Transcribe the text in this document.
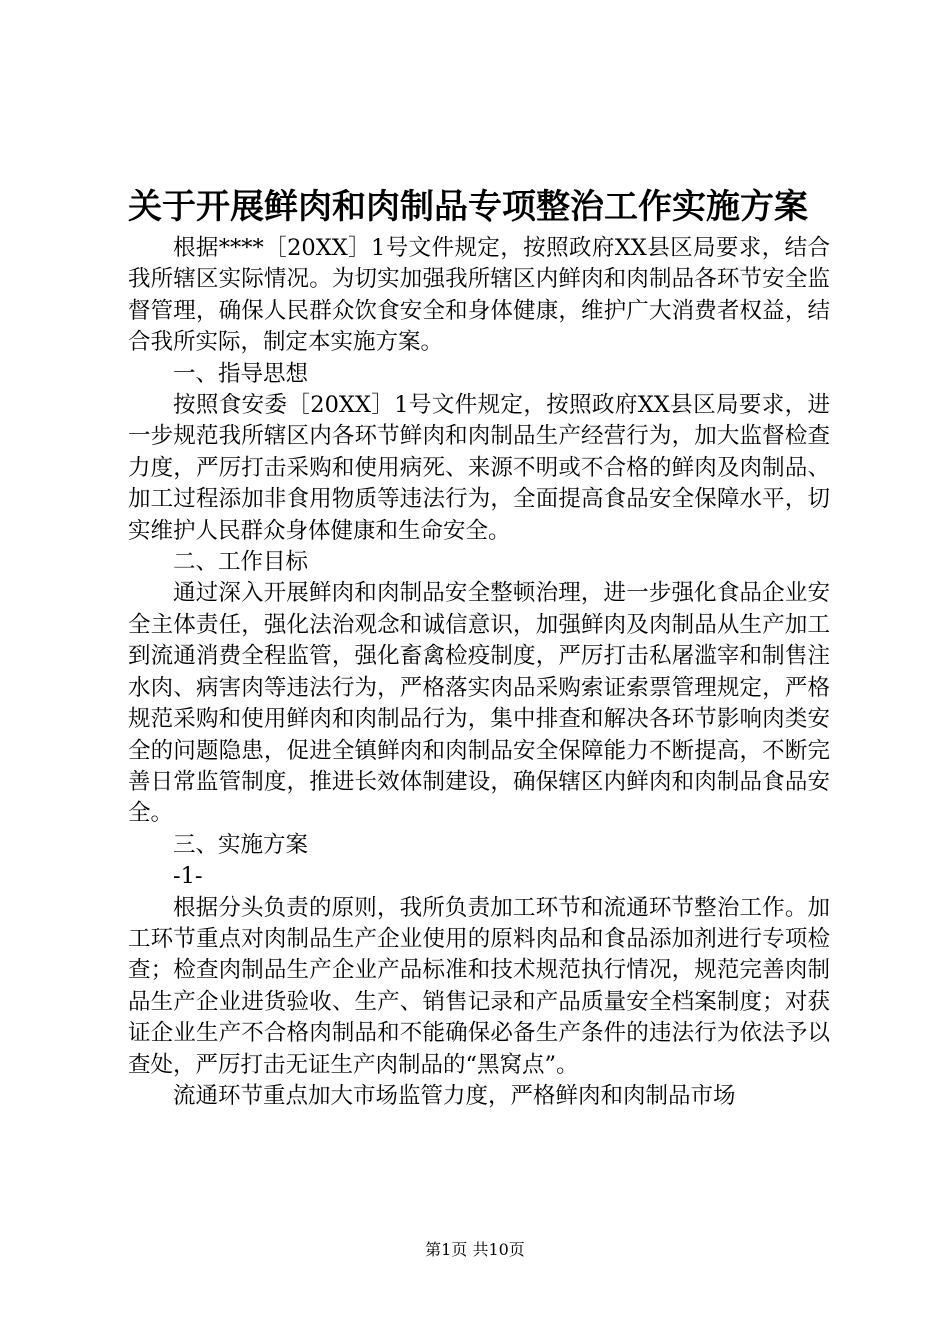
关于开展鲜肉和肉制品专项整治工作实施方案

根据****［20XX］1号文件规定，按照政府XX县区局要求，结合我所辖区实际情况。为切实加强我所辖区内鲜肉和肉制品各环节安全监督管理，确保人民群众饮食安全和身体健康，维护广大消费者权益，结合我所实际，制定本实施方案。

一、指导思想

按照食安委［20XX］1号文件规定，按照政府XX县区局要求，进一步规范我所辖区内各环节鲜肉和肉制品生产经营行为，加大监督检查力度，严厉打击采购和使用病死、来源不明或不合格的鲜肉及肉制品、加工过程添加非食用物质等违法行为，全面提高食品安全保障水平，切实维护人民群众身体健康和生命安全。

二、工作目标

通过深入开展鲜肉和肉制品安全整顿治理，进一步强化食品企业安全主体责任，强化法治观念和诚信意识，加强鲜肉及肉制品从生产加工到流通消费全程监管，强化畜禽检疫制度，严厉打击私屠滥宰和制售注水肉、病害肉等违法行为，严格落实肉品采购索证索票管理规定，严格规范采购和使用鲜肉和肉制品行为，集中排查和解决各环节影响肉类安全的问题隐患，促进全镇鲜肉和肉制品安全保障能力不断提高，不断完善日常监管制度，推进长效体制建设，确保辖区内鲜肉和肉制品食品安全。

三、实施方案

-1-

根据分头负责的原则，我所负责加工环节和流通环节整治工作。加工环节重点对肉制品生产企业使用的原料肉品和食品添加剂进行专项检查；检查肉制品生产企业产品标准和技术规范执行情况，规范完善肉制品生产企业进货验收、生产、销售记录和产品质量安全档案制度；对获证企业生产不合格肉制品和不能确保必备生产条件的违法行为依法予以查处，严厉打击无证生产肉制品的“黑窝点”。

流通环节重点加大市场监管力度，严格鲜肉和肉制品市场

第1页 共10页
